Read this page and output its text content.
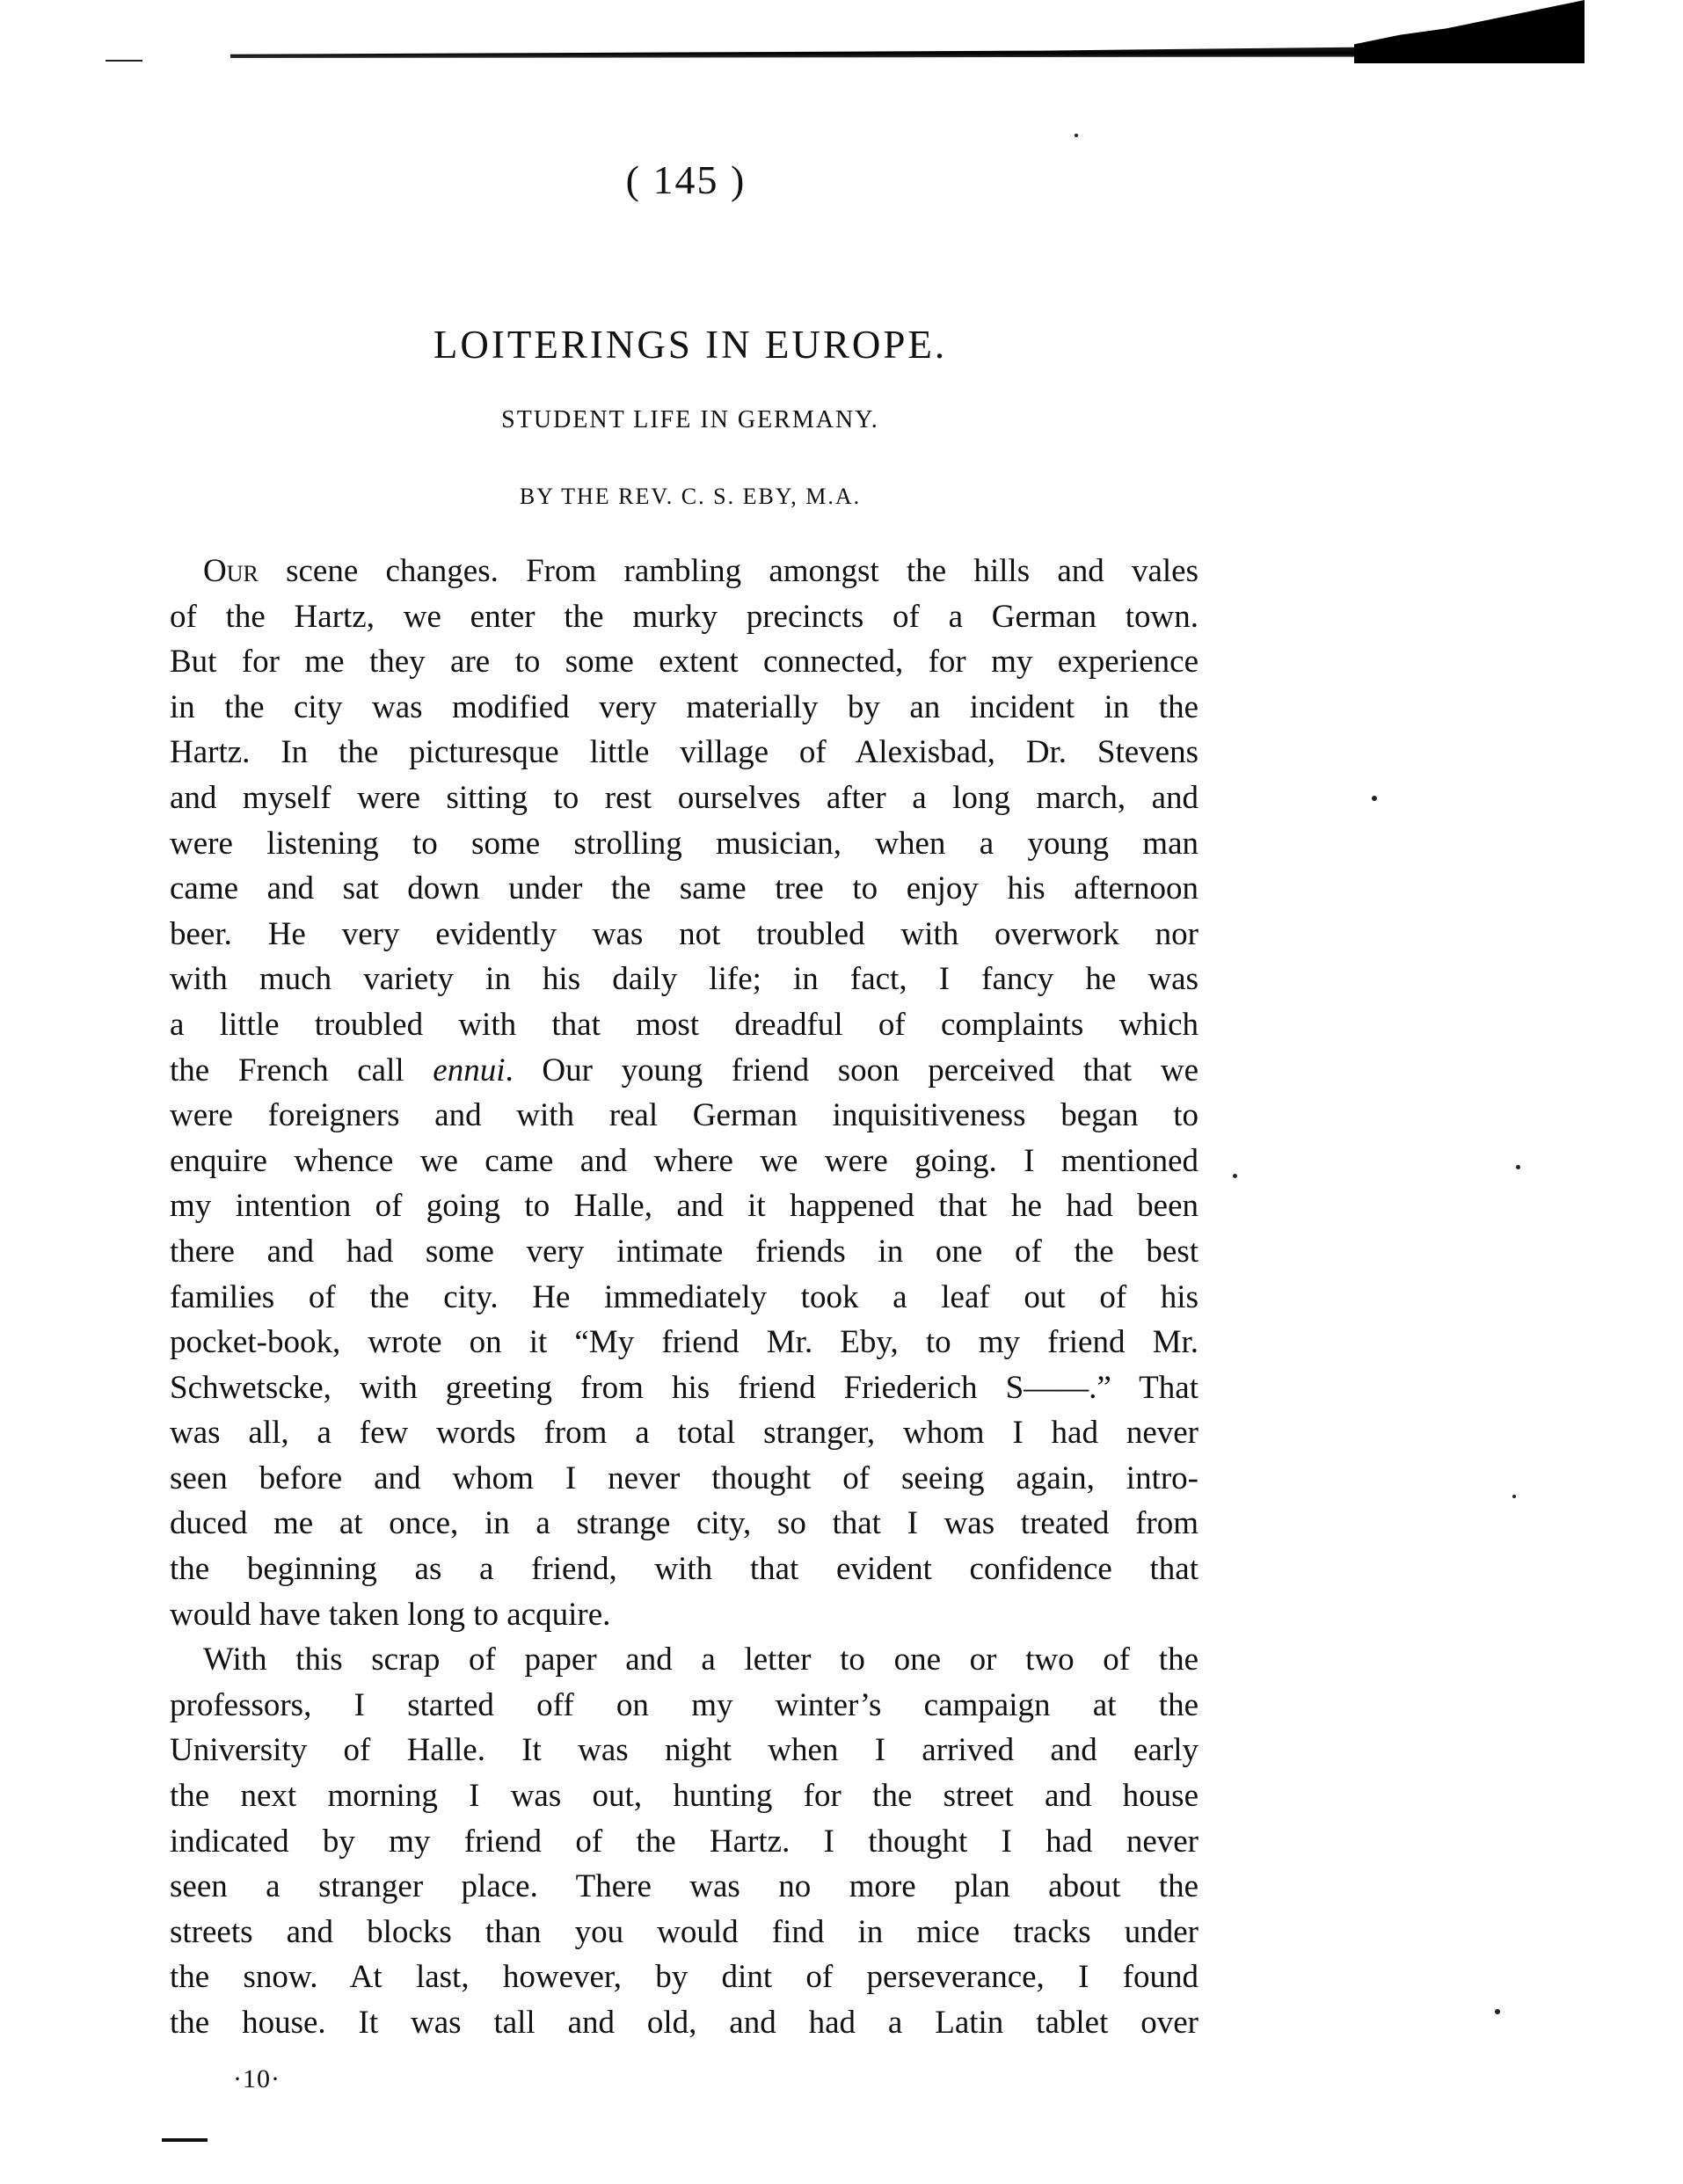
( 145 )
LOITERINGS IN EUROPE.
STUDENT LIFE IN GERMANY.
BY THE REV. C. S. EBY, M.A.
Our scene changes. From rambling amongst the hills and vales
of the Hartz, we enter the murky precincts of a German town.
But for me they are to some extent connected, for my experience
in the city was modified very materially by an incident in the
Hartz. In the picturesque little village of Alexisbad, Dr. Stevens
and myself were sitting to rest ourselves after a long march, and
were listening to some strolling musician, when a young man
came and sat down under the same tree to enjoy his afternoon
beer. He very evidently was not troubled with overwork nor
with much variety in his daily life; in fact, I fancy he was
a little troubled with that most dreadful of complaints which
the French call ennui. Our young friend soon perceived that we
were foreigners and with real German inquisitiveness began to
enquire whence we came and where we were going. I mentioned
my intention of going to Halle, and it happened that he had been
there and had some very intimate friends in one of the best
families of the city. He immediately took a leaf out of his
pocket-book, wrote on it “My friend Mr. Eby, to my friend Mr.
Schwetscke, with greeting from his friend Friederich S——.” That
was all, a few words from a total stranger, whom I had never
seen before and whom I never thought of seeing again, intro-
duced me at once, in a strange city, so that I was treated from
the beginning as a friend, with that evident confidence that
would have taken long to acquire.
With this scrap of paper and a letter to one or two of the
professors, I started off on my winter’s campaign at the
University of Halle. It was night when I arrived and early
the next morning I was out, hunting for the street and house
indicated by my friend of the Hartz. I thought I had never
seen a stranger place. There was no more plan about the
streets and blocks than you would find in mice tracks under
the snow. At last, however, by dint of perseverance, I found
the house. It was tall and old, and had a Latin tablet over
·10·
